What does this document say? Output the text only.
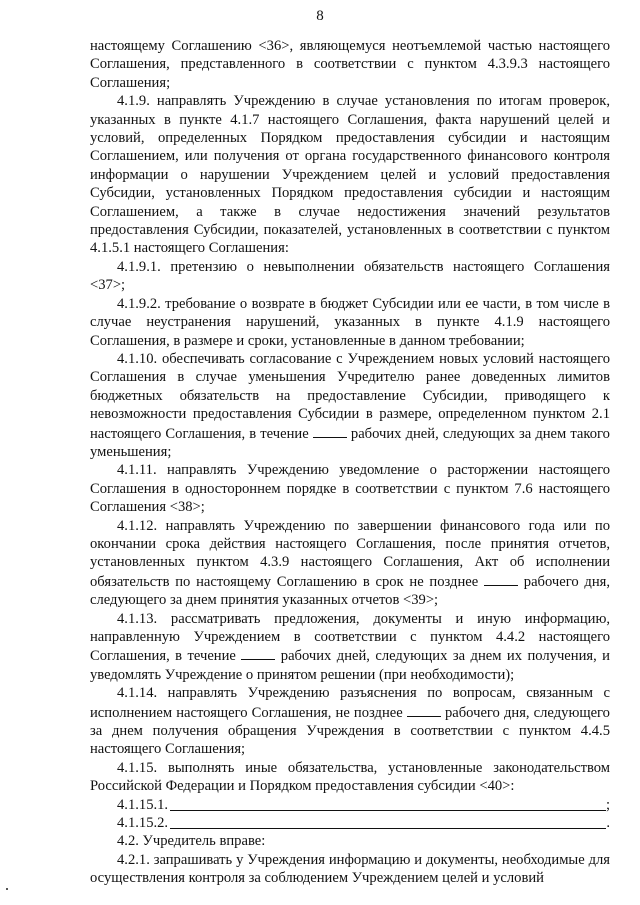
8

настоящему Соглашению <36>, являющемуся неотъемлемой частью настоящего Соглашения, представленного в соответствии с пунктом 4.3.9.3 настоящего Соглашения;

4.1.9. направлять Учреждению в случае установления по итогам проверок, указанных в пункте 4.1.7 настоящего Соглашения, факта нарушений целей и условий, определенных Порядком предоставления субсидии и настоящим Соглашением, или получения от органа государственного финансового контроля информации о нарушении Учреждением целей и условий предоставления Субсидии, установленных Порядком предоставления субсидии и настоящим Соглашением, а также в случае недостижения значений результатов предоставления Субсидии, показателей, установленных в соответствии с пунктом 4.1.5.1 настоящего Соглашения:

4.1.9.1. претензию о невыполнении обязательств настоящего Соглашения <37>;

4.1.9.2. требование о возврате в бюджет Субсидии или ее части, в том числе в случае неустранения нарушений, указанных в пункте 4.1.9 настоящего Соглашения, в размере и сроки, установленные в данном требовании;

4.1.10. обеспечивать согласование с Учреждением новых условий настоящего Соглашения в случае уменьшения Учредителю ранее доведенных лимитов бюджетных обязательств на предоставление Субсидии, приводящего к невозможности предоставления Субсидии в размере, определенном пунктом 2.1 настоящего Соглашения, в течение	рабочих дней, следующих за днем такого уменьшения;

4.1.11. направлять Учреждению уведомление о расторжении настоящего Соглашения в одностороннем порядке в соответствии с пунктом 7.6 настоящего Соглашения <38>;

4.1.12. направлять Учреждению по завершении финансового года или по окончании срока действия настоящего Соглашения, после принятия отчетов, установленных пунктом 4.3.9 настоящего Соглашения, Акт об исполнении обязательств по настоящему Соглашению в срок не позднее	рабочего дня, следующего за днем принятия указанных отчетов <39>;

4.1.13. рассматривать предложения, документы и иную информацию, направленную Учреждением в соответствии с пунктом 4.4.2 настоящего Соглашения, в течение	рабочих дней, следующих за днем их получения, и уведомлять Учреждение о принятом решении (при необходимости);

4.1.14. направлять Учреждению разъяснения по вопросам, связанным с исполнением настоящего Соглашения, не позднее	рабочего дня, следующего за днем получения обращения Учреждения в соответствии с пунктом 4.4.5 настоящего Соглашения;

4.1.15. выполнять иные обязательства, установленные законодательством Российской Федерации и Порядком предоставления субсидии <40>:

4.1.15.1.	;
4.1.15.2.	.

4.2. Учредитель вправе:

4.2.1. запрашивать у Учреждения информацию и документы, необходимые для осуществления контроля за соблюдением Учреждением целей и условий
